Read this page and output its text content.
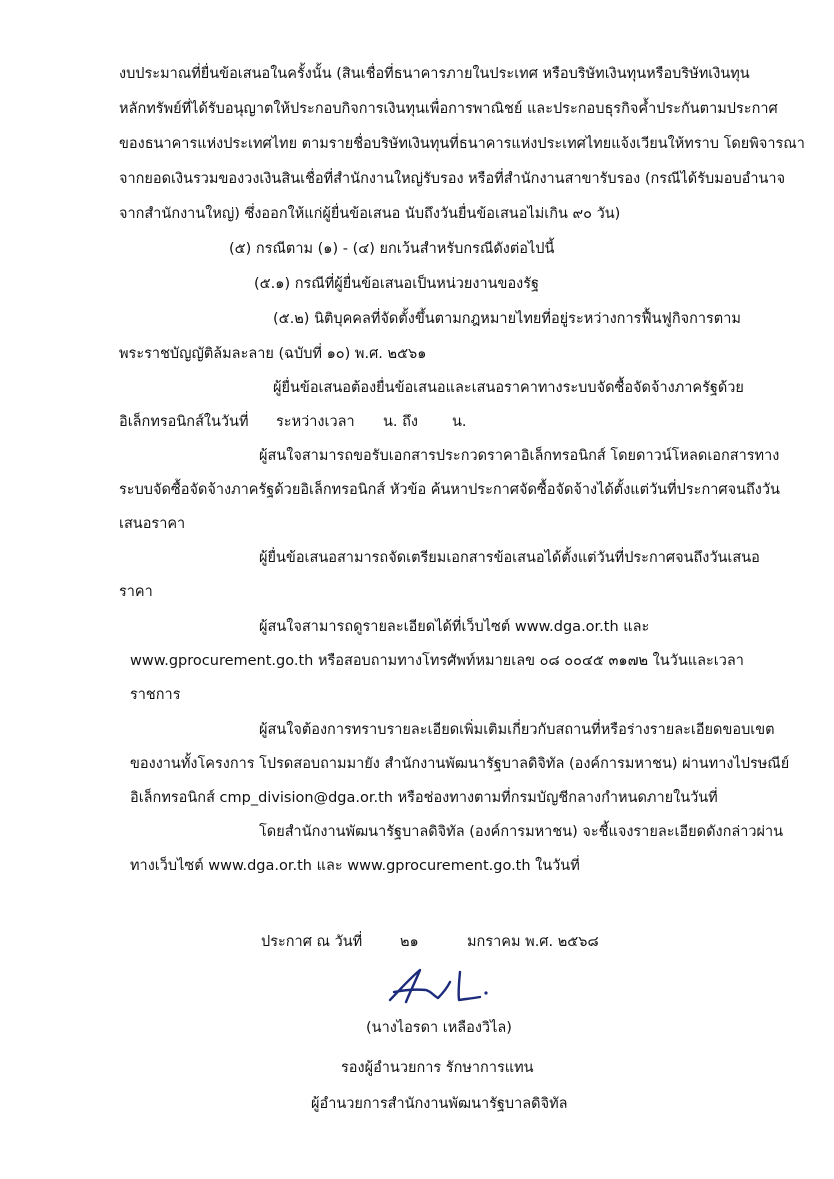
งบประมาณที่ยื่นข้อเสนอในครั้งนั้น (สินเชื่อที่ธนาคารภายในประเทศ หรือบริษัทเงินทุนหรือบริษัทเงินทุน
หลักทรัพย์ที่ได้รับอนุญาตให้ประกอบกิจการเงินทุนเพื่อการพาณิชย์ และประกอบธุรกิจค้ำประกันตามประกาศ
ของธนาคารแห่งประเทศไทย ตามรายชื่อบริษัทเงินทุนที่ธนาคารแห่งประเทศไทยแจ้งเวียนให้ทราบ โดยพิจารณา
จากยอดเงินรวมของวงเงินสินเชื่อที่สำนักงานใหญ่รับรอง หรือที่สำนักงานสาขารับรอง (กรณีได้รับมอบอำนาจ
จากสำนักงานใหญ่) ซึ่งออกให้แก่ผู้ยื่นข้อเสนอ นับถึงวันยื่นข้อเสนอไม่เกิน ๙๐ วัน)
(๕) กรณีตาม (๑) - (๔) ยกเว้นสำหรับกรณีดังต่อไปนี้
(๕.๑) กรณีที่ผู้ยื่นข้อเสนอเป็นหน่วยงานของรัฐ
(๕.๒) นิติบุคคลที่จัดตั้งขึ้นตามกฎหมายไทยที่อยู่ระหว่างการฟื้นฟูกิจการตาม
พระราชบัญญัติล้มละลาย (ฉบับที่ ๑๐) พ.ศ. ๒๕๖๑
ผู้ยื่นข้อเสนอต้องยื่นข้อเสนอและเสนอราคาทางระบบจัดซื้อจัดจ้างภาครัฐด้วย
อิเล็กทรอนิกส์ในวันที่ ระหว่างเวลา น. ถึง น.
ผู้สนใจสามารถขอรับเอกสารประกวดราคาอิเล็กทรอนิกส์ โดยดาวน์โหลดเอกสารทาง
ระบบจัดซื้อจัดจ้างภาครัฐด้วยอิเล็กทรอนิกส์ หัวข้อ ค้นหาประกาศจัดซื้อจัดจ้างได้ตั้งแต่วันที่ประกาศจนถึงวัน
เสนอราคา
ผู้ยื่นข้อเสนอสามารถจัดเตรียมเอกสารข้อเสนอได้ตั้งแต่วันที่ประกาศจนถึงวันเสนอ
ราคา
ผู้สนใจสามารถดูรายละเอียดได้ที่เว็บไซต์ www.dga.or.th และ
www.gprocurement.go.th หรือสอบถามทางโทรศัพท์หมายเลข ๐๘ ๐๐๔๕ ๓๑๗๒ ในวันและเวลา
ราชการ
ผู้สนใจต้องการทราบรายละเอียดเพิ่มเติมเกี่ยวกับสถานที่หรือร่างรายละเอียดขอบเขต
ของงานทั้งโครงการ โปรดสอบถามมายัง สำนักงานพัฒนารัฐบาลดิจิทัล (องค์การมหาชน) ผ่านทางไปรษณีย์
อิเล็กทรอนิกส์ cmp_division@dga.or.th หรือช่องทางตามที่กรมบัญชีกลางกำหนดภายในวันที่
โดยสำนักงานพัฒนารัฐบาลดิจิทัล (องค์การมหาชน) จะชี้แจงรายละเอียดดังกล่าวผ่าน
ทางเว็บไซต์ www.dga.or.th และ www.gprocurement.go.th ในวันที่
ประกาศ ณ วันที่	๒๑	มกราคม พ.ศ. ๒๕๖๘
(นางไอรดา เหลืองวิไล)
รองผู้อำนวยการ รักษาการแทน
ผู้อำนวยการสำนักงานพัฒนารัฐบาลดิจิทัล
